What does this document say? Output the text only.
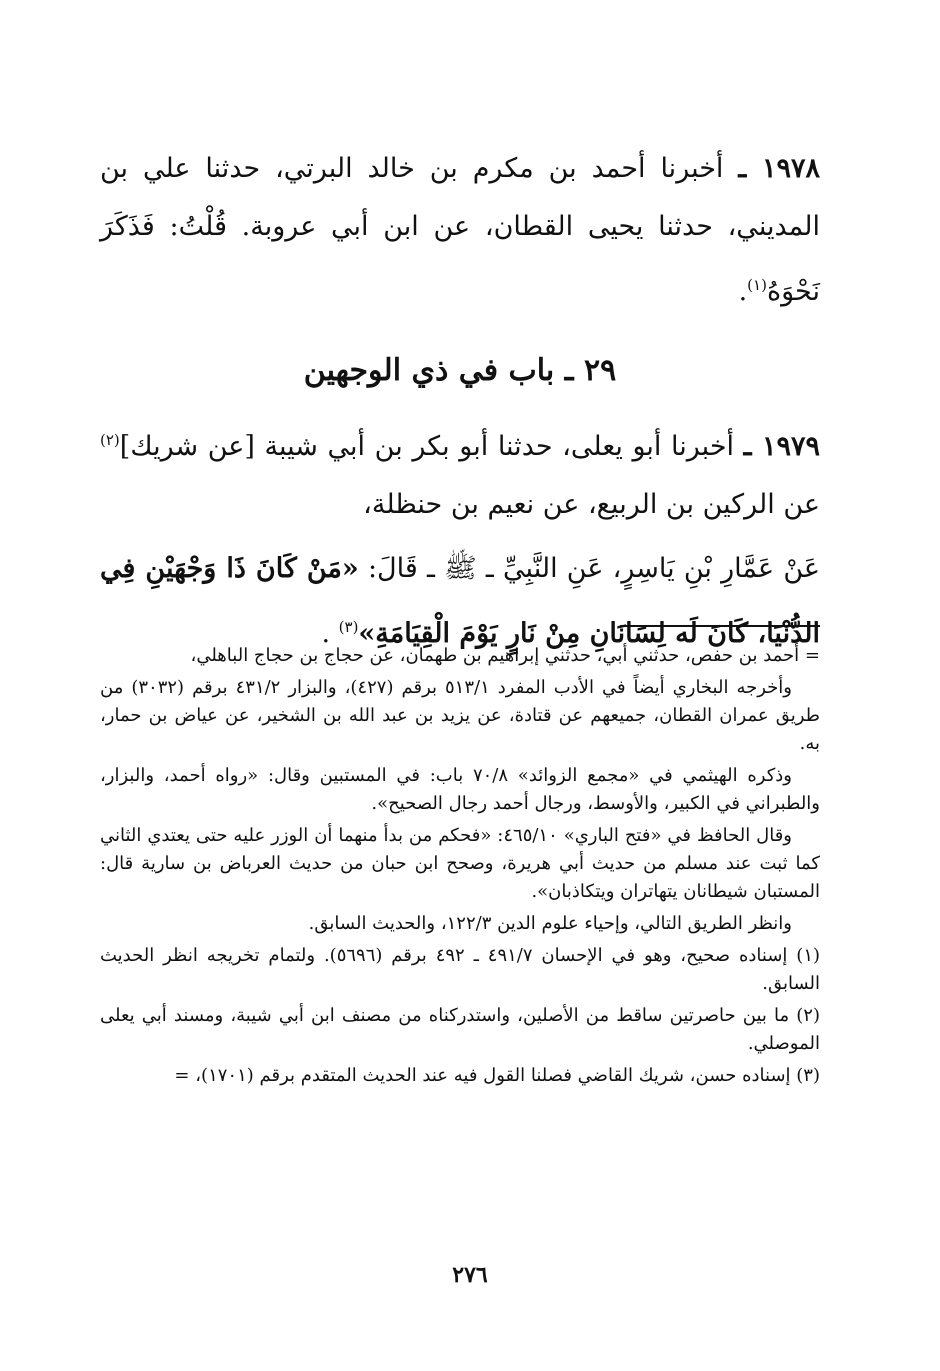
١٩٧٨ ـ أخبرنا أحمد بن مكرم بن خالد البرتي، حدثنا علي بن المديني، حدثنا يحيى القطان، عن ابن أبي عروبة. قُلْتُ: فَذَكَرَ نَحْوَهُ$^{(١)}$.

٢٩ ـ باب في ذي الوجهين

١٩٧٩ ـ أخبرنا أبو يعلى، حدثنا أبو بكر بن أبي شيبة [عن شريك]$^{(٢)}$ عن الركين بن الربيع، عن نعيم بن حنظلة،

عَنْ عَمَّارِ بْنِ يَاسِرٍ، عَنِ النَّبِيِّ ـ ﷺ ـ قَالَ: «مَنْ كَانَ ذَا وَجْهَيْنِ فِي الدُّنْيَا، كَانَ لَه لِسَانَانِ مِنْ نَارٍ يَوْمَ الْقِيَامَةِ»$^{(٣)}$ .

= أحمد بن حفص، حدثني أبي، حدثني إبراهيم بن طهمان، عن حجاج بن حجاج الباهلي،

وأخرجه البخاري أيضاً في الأدب المفرد ٥١٣/١ برقم (٤٢٧)، والبزار ٤٣١/٢ برقم (٣٠٣٢) من طريق عمران القطان، جميعهم عن قتادة، عن يزيد بن عبد الله بن الشخير، عن عياض بن حمار، به.

وذكره الهيثمي في «مجمع الزوائد» ٧٠/٨ باب: في المستبين وقال: «رواه أحمد، والبزار، والطبراني في الكبير، والأوسط، ورجال أحمد رجال الصحيح».

وقال الحافظ في «فتح الباري» ٤٦٥/١٠: «فحكم من بدأ منهما أن الوزر عليه حتى يعتدي الثاني كما ثبت عند مسلم من حديث أبي هريرة، وصحح ابن حبان من حديث العرباض بن سارية قال: المستبان شيطانان يتهاتران ويتكاذبان».

وانظر الطريق التالي، وإحياء علوم الدين ١٢٢/٣، والحديث السابق.

(١) إسناده صحيح، وهو في الإحسان ٤٩١/٧ ـ ٤٩٢ برقم (٥٦٩٦). ولتمام تخريجه انظر الحديث السابق.

(٢) ما بين حاصرتين ساقط من الأصلين، واستدركناه من مصنف ابن أبي شيبة، ومسند أبي يعلى الموصلي.

(٣) إسناده حسن، شريك القاضي فصلنا القول فيه عند الحديث المتقدم برقم (١٧٠١)، =

٢٧٦
